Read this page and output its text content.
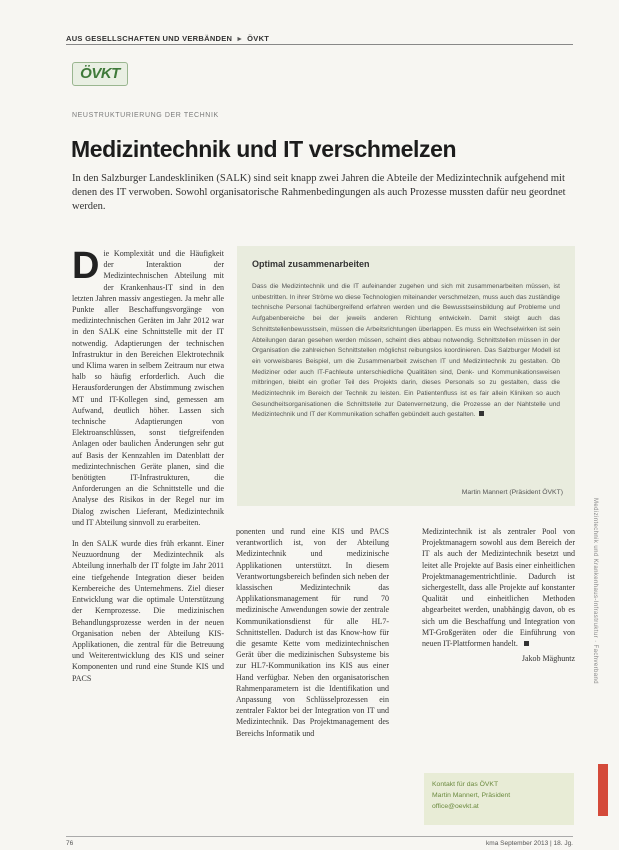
AUS GESELLSCHAFTEN UND VERBÄNDEN ▸ ÖVKT
ÖVKT
NEUSTRUKTURIERUNG DER TECHNIK
Medizintechnik und IT verschmelzen
In den Salzburger Landeskliniken (SALK) sind seit knapp zwei Jahren die Abteile der Medizintechnik aufgehend mit denen des IT verwoben. Sowohl organisatorische Rahmenbedingungen als auch Prozesse mussten dafür neu geordnet werden.

Die Komplexität und die Häufigkeit der Interaktion der Medizintechnischen Abteilung mit der Krankenhaus-IT sind in den letzten Jahren massiv angestiegen. Ja mehr alle Punkte aller Beschaffungsvorgänge von medizintechnischen Geräten im Jahr 2012 war in den SALK eine Schnittstelle mit der IT notwendig. Adaptierungen der technischen Infrastruktur in den Bereichen Elektrotechnik und Klima waren in selbem Zeitraum nur etwa halb so häufig erforderlich. Auch die Herausforderungen der Abstimmung zwischen MT und IT-Kollegen sind, gemessen am Aufwand, deutlich höher. Lassen sich technische Adaptierungen von Elektroanschlüssen, sonst tiefgreifenden Anlagen oder baulichen Änderungen sehr gut auf Basis der Kennzahlen im Datenblatt der medizintechnischen Geräte planen, sind die benötigten IT-Infrastrukturen, die Anforderungen an die Schnittstelle und die Analyse des Risikos in der Regel nur im Dialog zwischen Lieferant, Medizintechnik und IT Abteilung sinnvoll zu erarbeiten.

In den SALK wurde dies früh erkannt. Einer Neuzuordnung der Medizintechnik als Abteilung innerhalb der IT folgte im Jahr 2011 eine tiefgehende Integration dieser beiden Kernbereiche des Unternehmens. Ziel dieser Entwicklung war die optimale Unterstützung der Kernprozesse. Die medizinischen Behandlungsprozesse werden in der neuen Organisation neben der Abteilung KIS-Applikationen, die zentral für die Betreuung und Weiterentwicklung des KIS und seiner Komponenten und rund eine Stunde KIS und PACS

Optimal zusammenarbeiten
Dass die Medizintechnik und die IT aufeinander zugehen und sich mit zusammenarbeiten müssen, ist unbestritten. In ihrer Ströme wo diese Technologien miteinander verschmelzen, muss auch das zuständige technische Personal fachübergreifend erfahren werden und die Bewusstseinsbildung auf Probleme und Aufgabenbereiche bei der jeweils anderen Richtung entwickeln. Damit steigt auch das Schnittstellenbewusstsein, müssen die Arbeitsrichtungen überlappen. Es muss ein Wechselwirken ist sein Abteilungen daran gesehen werden müssen, scheint dies abbau notwendig. Schnittstellen müssen in der Organisation die zahlreichen Schnittstellen möglichst reibungslos koordinieren. Das Salzburger Modell ist ein vorweisbares Beispiel, um die Zusammenarbeit zwischen IT und Medizintechnik zu gestalten. Ob Mediziner oder auch IT-Fachleute unterschiedliche Qualitäten sind, Denk- und Kommunikationsweisen mitbringen, bleibt ein großer Teil des Projekts darin, dieses Personals so zu gestalten, dass die Medizintechnik im Bereich der Technik zu leisten. Ein Patientenfluss ist es fair allein Kliniken so auch Gesundheitsorganisationen die Schnittstelle zur Datenvernetzung, die Prozesse an der Nahtstelle und Medizintechnik und IT der Kommunikation schaffen gebündelt auch gestalten.
Martin Mannert (Präsident ÖVKT)

ponenten und rund eine KIS und PACS verantwortlich ist, von der Abteilung Medizintechnik und medizinische Applikationen unterstützt. In diesem Verantwortungsbereich befinden sich neben der klassischen Medizintechnik das Applikationsmanagement für rund 70 medizinische Anwendungen sowie der zentrale Kommunikationsdienst für alle HL7-Schnittstellen. Dadurch ist das Know-how für die gesamte Kette vom medizintechnischen Gerät über die medizinischen Subsysteme bis zur HL7-Kommunikation ins KIS aus einer Hand verfügbar. Neben den organisatorischen Rahmenparametern ist die Identifikation und Anpassung von Schlüsselprozessen ein zentraler Faktor bei der Integration von IT und Medizintechnik. Das Projektmanagement des Bereichs Informatik und

Medizintechnik ist als zentraler Pool von Projektmanagern sowohl aus dem Bereich der IT als auch der Medizintechnik besetzt und leitet alle Projekte auf Basis einer einheitlichen Projektmanagementrichtlinie. Dadurch ist sichergestellt, dass alle Projekte auf konstanter Qualität und einheitlichen Methoden abgearbeitet werden, unabhängig davon, ob es sich um die Beschaffung und Integration von MT-Großgeräten oder die Einführung von neuen IT-Plattformen handelt.

Jakob Mäghuntz
Kontakt für das ÖVKT
Martin Mannert, Präsident
office@oevkt.at
Medizintechnik und Krankenhaus-Infrastruktur · Fachverband
76	kma September 2013 | 18. Jg.
